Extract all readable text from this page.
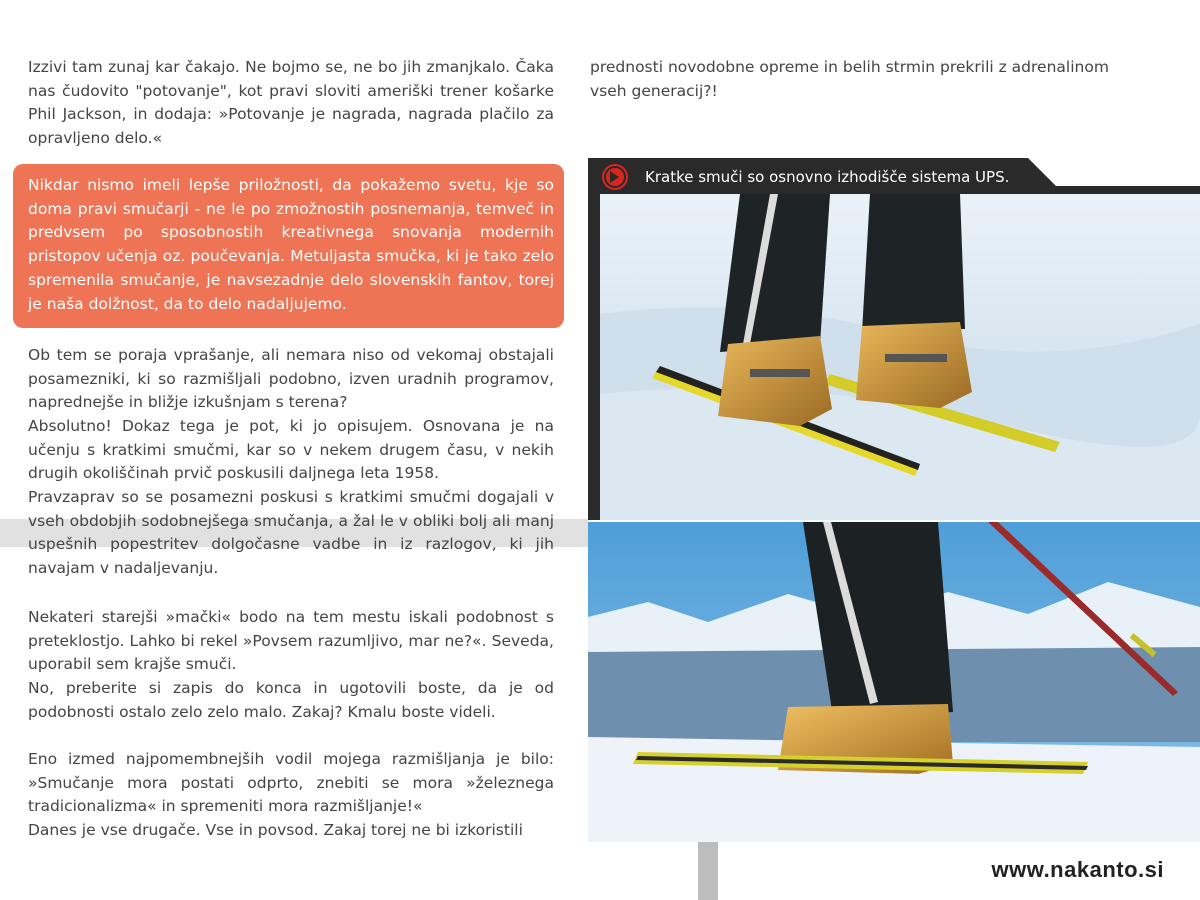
Izzivi tam zunaj kar čakajo. Ne bojmo se, ne bo jih zmanjkalo. Čaka nas čudovito "potovanje", kot pravi sloviti ameriški trener košarke Phil Jackson, in dodaja: »Potovanje je nagrada, nagrada plačilo za opravljeno delo.«

Nikdar nismo imeli lepše priložnosti, da pokažemo svetu, kje so doma pravi smučarji - ne le po zmožnostih posnemanja, temveč in predvsem po sposobnostih kreativnega snovanja modernih pristopov učenja oz. poučevanja. Metuljasta smučka, ki je tako zelo spremenila smučanje, je navsezadnje delo slovenskih fantov, torej je naša dolžnost, da to delo nadaljujemo.

Ob tem se poraja vprašanje, ali nemara niso od vekomaj obstajali posamezniki, ki so razmišljali podobno, izven uradnih programov, naprednejše in bližje izkušnjam s terena?

Absolutno! Dokaz tega je pot, ki jo opisujem. Osnovana je na učenju s kratkimi smučmi, kar so v nekem drugem času, v nekih drugih okoliščinah prvič poskusili daljnega leta 1958.

Pravzaprav so se posamezni poskusi s kratkimi smučmi dogajali v vseh obdobjih sodobnejšega smučanja, a žal le v obliki bolj ali manj uspešnih popestritev dolgočasne vadbe in iz razlogov, ki jih navajam v nadaljevanju.

Nekateri starejši »mački« bodo na tem mestu iskali podobnost s preteklostjo. Lahko bi rekel »Povsem razumljivo, mar ne?«. Seveda, uporabil sem krajše smuči.

No, preberite si zapis do konca in ugotovili boste, da je od podobnosti ostalo zelo zelo malo. Zakaj? Kmalu boste videli.

Eno izmed najpomembnejših vodil mojega razmišljanja je bilo: »Smučanje mora postati odprto, znebiti se mora »železnega tradicionalizma« in spremeniti mora razmišljanje!«

Danes je vse drugače. Vse in povsod. Zakaj torej ne bi izkoristili

prednosti novodobne opreme in belih strmin prekrili z adrenalinom vseh generacij?!

Kratke smuči so osnovno izhodišče sistema UPS.
www.nakanto.si
